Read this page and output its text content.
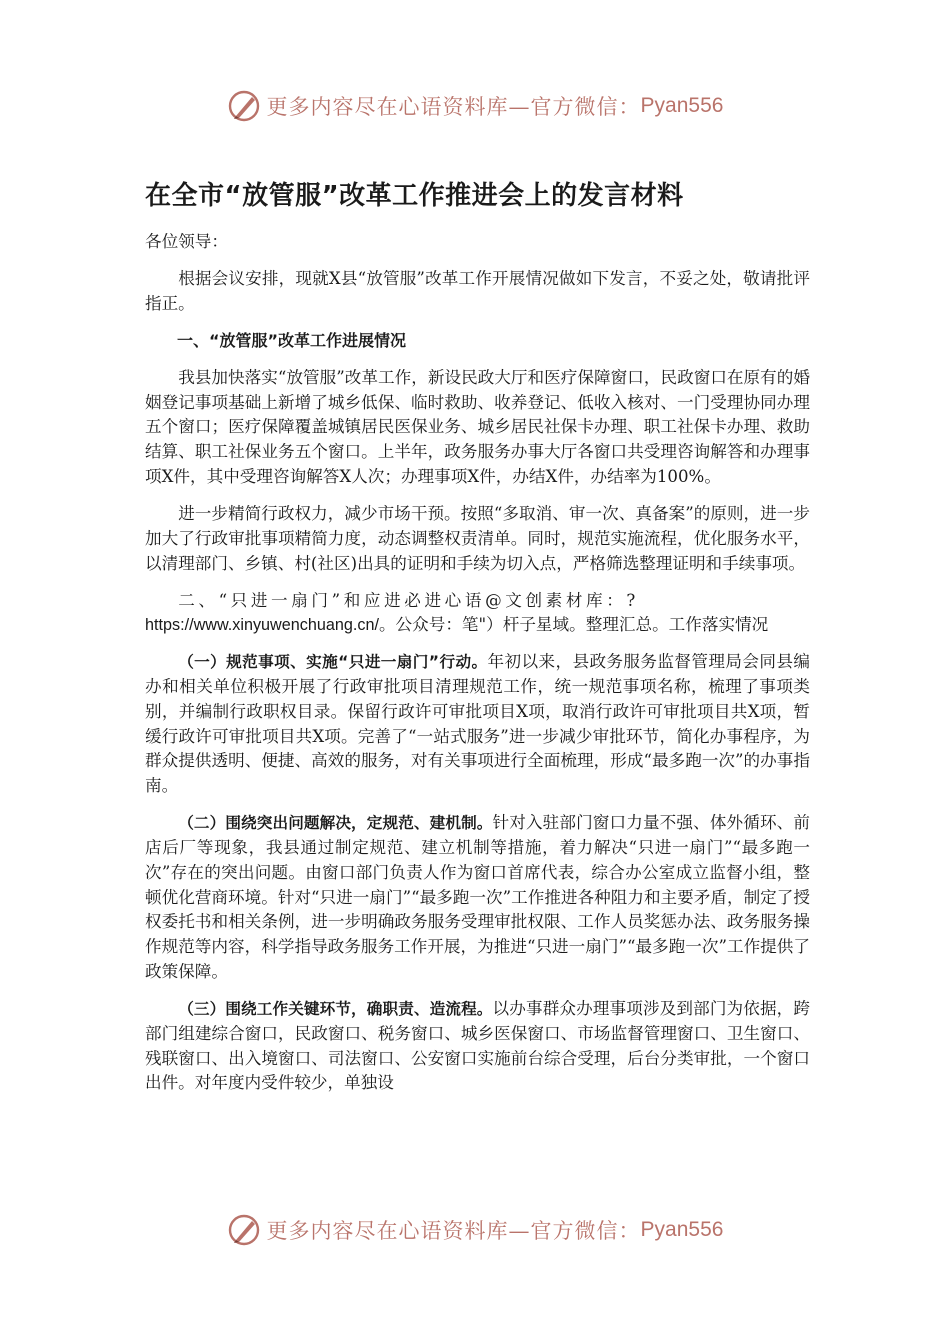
更多内容尽在心语资料库—官方微信： Pyan556
在全市“放管服”改革工作推进会上的发言材料

各位领导：

根据会议安排，现就X县“放管服”改革工作开展情况做如下发言，不妥之处，敬请批评指正。

一、“放管服”改革工作进展情况

我县加快落实“放管服”改革工作，新设民政大厅和医疗保障窗口，民政窗口在原有的婚姻登记事项基础上新增了城乡低保、临时救助、收养登记、低收入核对、一门受理协同办理五个窗口；医疗保障覆盖城镇居民医保业务、城乡居民社保卡办理、职工社保卡办理、救助结算、职工社保业务五个窗口。上半年，政务服务办事大厅各窗口共受理咨询解答和办理事项X件，其中受理咨询解答X人次；办理事项X件，办结X件，办结率为100%。

进一步精简行政权力，减少市场干预。按照“多取消、审一次、真备案”的原则，进一步加大了行政审批事项精简力度，动态调整权责清单。同时，规范实施流程，优化服务水平，以清理部门、乡镇、村(社区)出具的证明和手续为切入点，严格筛选整理证明和手续事项。

二、“只进一扇门”和应进必进心语@文创素材库：?https://www.xinyuwenchuang.cn/。公众号：笔"）杆子星域。整理汇总。工作落实情况

（一）规范事项、实施“只进一扇门”行动。年初以来，县政务服务监督管理局会同县编办和相关单位积极开展了行政审批项目清理规范工作，统一规范事项名称，梳理了事项类别，并编制行政职权目录。保留行政许可审批项目X项，取消行政许可审批项目共X项，暂缓行政许可审批项目共X项。完善了“一站式服务”进一步减少审批环节，简化办事程序，为群众提供透明、便捷、高效的服务，对有关事项进行全面梳理，形成“最多跑一次”的办事指南。

（二）围绕突出问题解决，定规范、建机制。针对入驻部门窗口力量不强、体外循环、前店后厂等现象，我县通过制定规范、建立机制等措施，着力解决“只进一扇门”“最多跑一次”存在的突出问题。由窗口部门负责人作为窗口首席代表，综合办公室成立监督小组，整顿优化营商环境。针对“只进一扇门”“最多跑一次”工作推进各种阻力和主要矛盾，制定了授权委托书和相关条例，进一步明确政务服务受理审批权限、工作人员奖惩办法、政务服务操作规范等内容，科学指导政务服务工作开展，为推进“只进一扇门”“最多跑一次”工作提供了政策保障。

（三）围绕工作关键环节，确职责、造流程。以办事群众办理事项涉及到部门为依据，跨部门组建综合窗口，民政窗口、税务窗口、城乡医保窗口、市场监督管理窗口、卫生窗口、残联窗口、出入境窗口、司法窗口、公安窗口实施前台综合受理，后台分类审批，一个窗口出件。对年度内受件较少，单独设

更多内容尽在心语资料库—官方微信： Pyan556
